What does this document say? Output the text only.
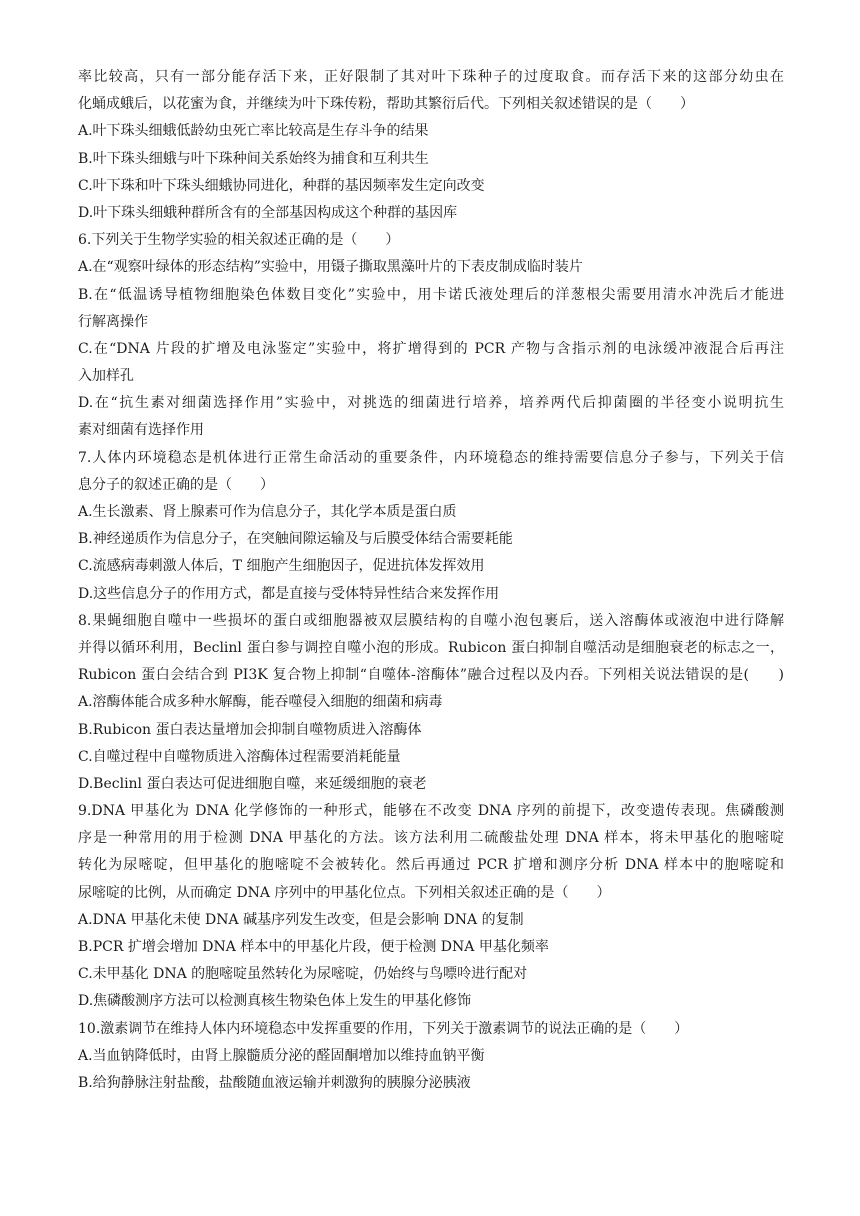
率比较高，只有一部分能存活下来，正好限制了其对叶下珠种子的过度取食。而存活下来的这部分幼虫在
化蛹成蛾后，以花蜜为食，并继续为叶下珠传粉，帮助其繁衍后代。下列相关叙述错误的是（　　）
A.叶下珠头细蛾低龄幼虫死亡率比较高是生存斗争的结果
B.叶下珠头细蛾与叶下珠种间关系始终为捕食和互利共生
C.叶下珠和叶下珠头细蛾协同进化，种群的基因频率发生定向改变
D.叶下珠头细蛾种群所含有的全部基因构成这个种群的基因库
6.下列关于生物学实验的相关叙述正确的是（　　）
A.在“观察叶绿体的形态结构”实验中，用镊子撕取黑藻叶片的下表皮制成临时装片
B.在“低温诱导植物细胞染色体数目变化”实验中，用卡诺氏液处理后的洋葱根尖需要用清水冲洗后才能进
行解离操作
C.在“DNA 片段的扩增及电泳鉴定”实验中，将扩增得到的 PCR 产物与含指示剂的电泳缓冲液混合后再注
入加样孔
D.在“抗生素对细菌选择作用”实验中，对挑选的细菌进行培养，培养两代后抑菌圈的半径变小说明抗生
素对细菌有选择作用
7.人体内环境稳态是机体进行正常生命活动的重要条件，内环境稳态的维持需要信息分子参与，下列关于信
息分子的叙述正确的是（　　）
A.生长激素、肾上腺素可作为信息分子，其化学本质是蛋白质
B.神经递质作为信息分子，在突触间隙运输及与后膜受体结合需要耗能
C.流感病毒刺激人体后，T 细胞产生细胞因子，促进抗体发挥效用
D.这些信息分子的作用方式，都是直接与受体特异性结合来发挥作用
8.果蝇细胞自噬中一些损坏的蛋白或细胞器被双层膜结构的自噬小泡包裹后，送入溶酶体或液泡中进行降解
并得以循环利用，Beclinl 蛋白参与调控自噬小泡的形成。Rubicon 蛋白抑制自噬活动是细胞衰老的标志之一，
Rubicon 蛋白会结合到 PI3K 复合物上抑制“自噬体-溶酶体”融合过程以及内吞。下列相关说法错误的是(　　)
A.溶酶体能合成多种水解酶，能吞噬侵入细胞的细菌和病毒
B.Rubicon 蛋白表达量增加会抑制自噬物质进入溶酶体
C.自噬过程中自噬物质进入溶酶体过程需要消耗能量
D.Beclinl 蛋白表达可促进细胞自噬，来延缓细胞的衰老
9.DNA 甲基化为 DNA 化学修饰的一种形式，能够在不改变 DNA 序列的前提下，改变遗传表现。焦磷酸测
序是一种常用的用于检测 DNA 甲基化的方法。该方法利用二硫酸盐处理 DNA 样本，将未甲基化的胞嘧啶
转化为尿嘧啶，但甲基化的胞嘧啶不会被转化。然后再通过 PCR 扩增和测序分析 DNA 样本中的胞嘧啶和
尿嘧啶的比例，从而确定 DNA 序列中的甲基化位点。下列相关叙述正确的是（　　）
A.DNA 甲基化未使 DNA 碱基序列发生改变，但是会影响 DNA 的复制
B.PCR 扩增会增加 DNA 样本中的甲基化片段，便于检测 DNA 甲基化频率
C.未甲基化 DNA 的胞嘧啶虽然转化为尿嘧啶，仍始终与鸟嘌呤进行配对
D.焦磷酸测序方法可以检测真核生物染色体上发生的甲基化修饰
10.激素调节在维持人体内环境稳态中发挥重要的作用，下列关于激素调节的说法正确的是（　　）
A.当血钠降低时，由肾上腺髓质分泌的醛固酮增加以维持血钠平衡
B.给狗静脉注射盐酸，盐酸随血液运输并刺激狗的胰腺分泌胰液
